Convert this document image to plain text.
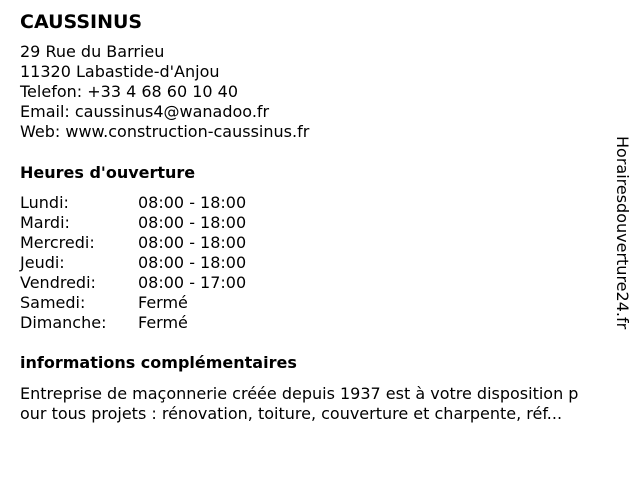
CAUSSINUS
29 Rue du Barrieu
11320 Labastide-d'Anjou
Telefon: +33 4 68 60 10 40
Email: caussinus4@wanadoo.fr
Web: www.construction-caussinus.fr
Heures d'ouverture
Lundi:	08:00 - 18:00
Mardi:	08:00 - 18:00
Mercredi:	08:00 - 18:00
Jeudi:	08:00 - 18:00
Vendredi:	08:00 - 17:00
Samedi:	Fermé
Dimanche: Fermé
informations complémentaires
Entreprise de maçonnerie créée depuis 1937 est à votre disposition p
our tous projets : rénovation, toiture, couverture et charpente, réf...
Horairesdouverture24.fr
